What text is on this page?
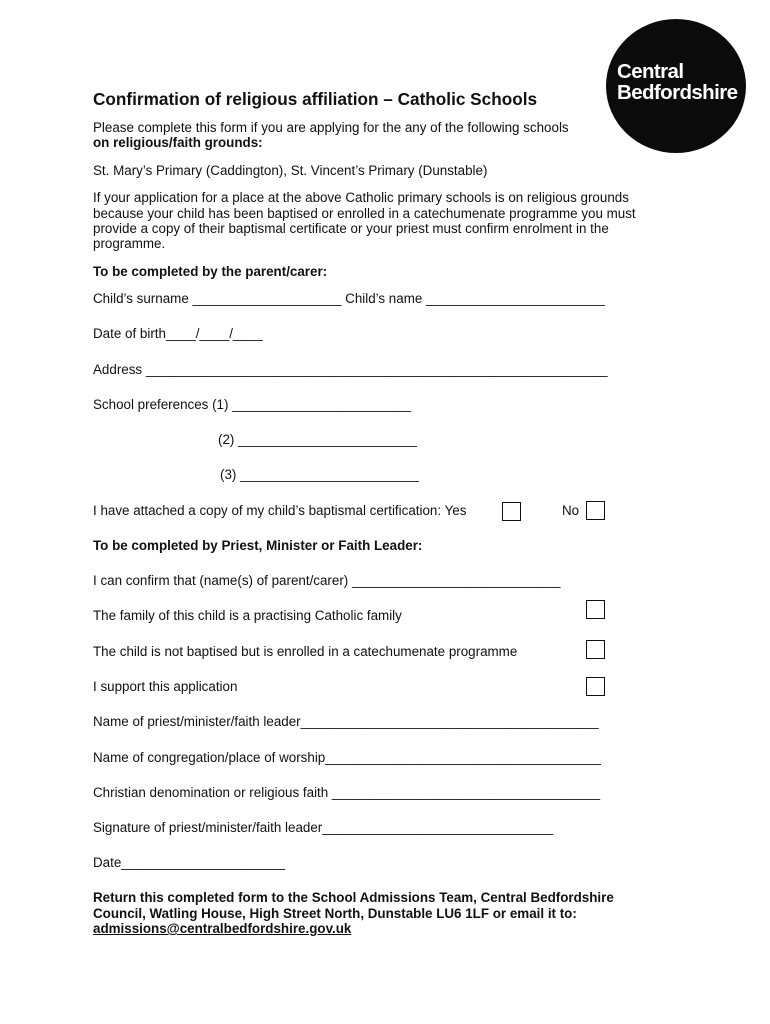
Central
Bedfordshire
Confirmation of religious affiliation – Catholic Schools
Please complete this form if you are applying for the any of the following schools
on religious/faith grounds:
St. Mary’s Primary (Caddington), St. Vincent’s Primary (Dunstable)
If your application for a place at the above Catholic primary schools is on religious grounds
because your child has been baptised or enrolled in a catechumenate programme you must
provide a copy of their baptismal certificate or your priest must confirm enrolment in the
programme.
To be completed by the parent/carer:
Child’s surname ____________________ Child’s name ________________________
Date of birth____/____/____
Address ______________________________________________________________
School preferences (1) ________________________
(2) ________________________
(3) ________________________
I have attached a copy of my child’s baptismal certification: Yes	No
To be completed by Priest, Minister or Faith Leader:
I can confirm that (name(s) of parent/carer) ____________________________
The family of this child is a practising Catholic family
The child is not baptised but is enrolled in a catechumenate programme
I support this application
Name of priest/minister/faith leader________________________________________
Name of congregation/place of worship_____________________________________
Christian denomination or religious faith ____________________________________
Signature of priest/minister/faith leader_______________________________
Date______________________
Return this completed form to the School Admissions Team, Central Bedfordshire
Council, Watling House, High Street North, Dunstable LU6 1LF or email it to:
admissions@centralbedfordshire.gov.uk
